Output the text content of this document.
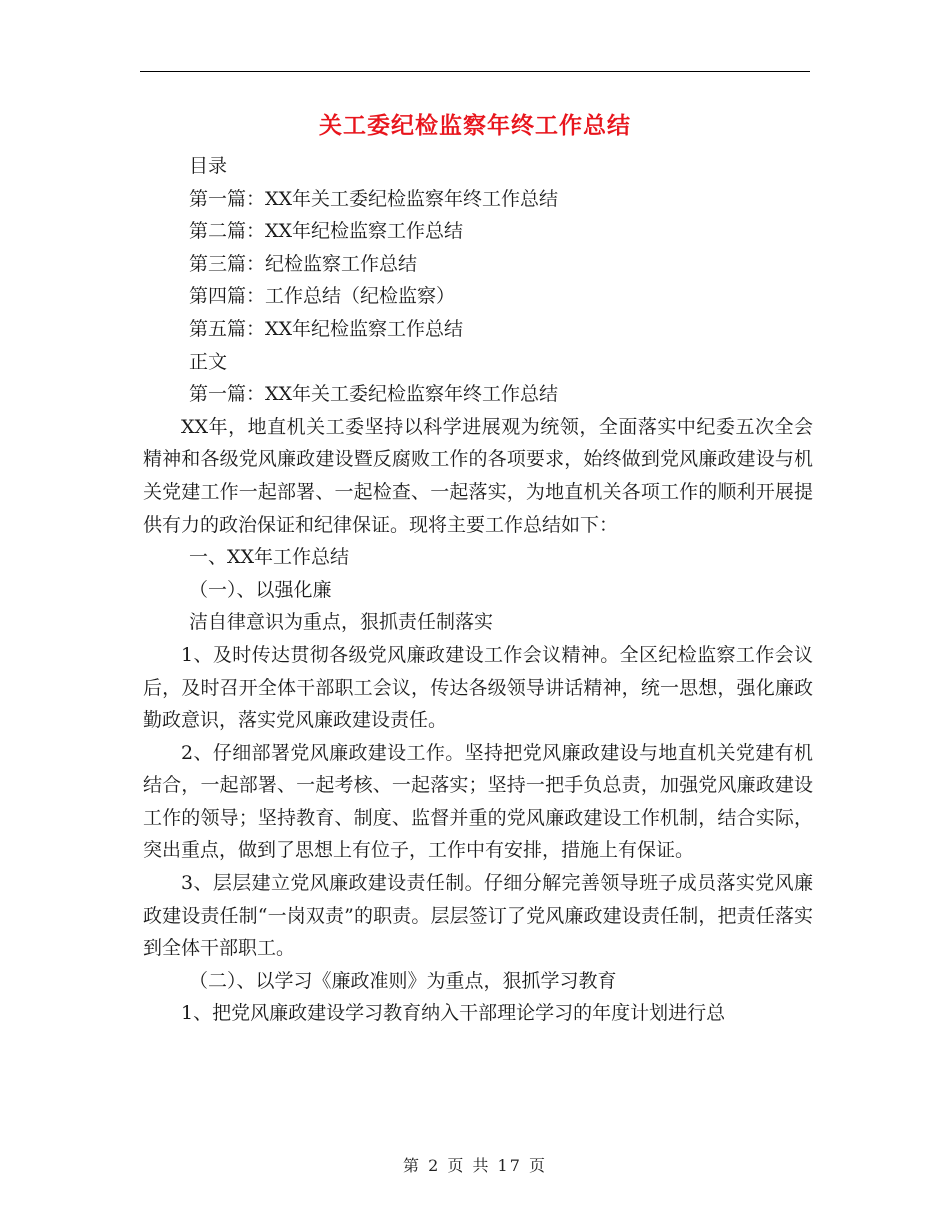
关工委纪检监察年终工作总结
目录
第一篇：XX年关工委纪检监察年终工作总结
第二篇：XX年纪检监察工作总结
第三篇：纪检监察工作总结
第四篇：工作总结（纪检监察）
第五篇：XX年纪检监察工作总结
正文
第一篇：XX年关工委纪检监察年终工作总结

XX年，地直机关工委坚持以科学进展观为统领，全面落实中纪委五次全会精神和各级党风廉政建设暨反腐败工作的各项要求，始终做到党风廉政建设与机关党建工作一起部署、一起检查、一起落实，为地直机关各项工作的顺利开展提供有力的政治保证和纪律保证。现将主要工作总结如下：

一、XX年工作总结
（一）、以强化廉
洁自律意识为重点，狠抓责任制落实

1、及时传达贯彻各级党风廉政建设工作会议精神。全区纪检监察工作会议后，及时召开全体干部职工会议，传达各级领导讲话精神，统一思想，强化廉政勤政意识，落实党风廉政建设责任。

2、仔细部署党风廉政建设工作。坚持把党风廉政建设与地直机关党建有机结合，一起部署、一起考核、一起落实；坚持一把手负总责，加强党风廉政建设工作的领导；坚持教育、制度、监督并重的党风廉政建设工作机制，结合实际，突出重点，做到了思想上有位子，工作中有安排，措施上有保证。

3、层层建立党风廉政建设责任制。仔细分解完善领导班子成员落实党风廉政建设责任制“一岗双责”的职责。层层签订了党风廉政建设责任制，把责任落实到全体干部职工。

（二）、以学习《廉政准则》为重点，狠抓学习教育

1、把党风廉政建设学习教育纳入干部理论学习的年度计划进行总

第 2 页 共 17 页
